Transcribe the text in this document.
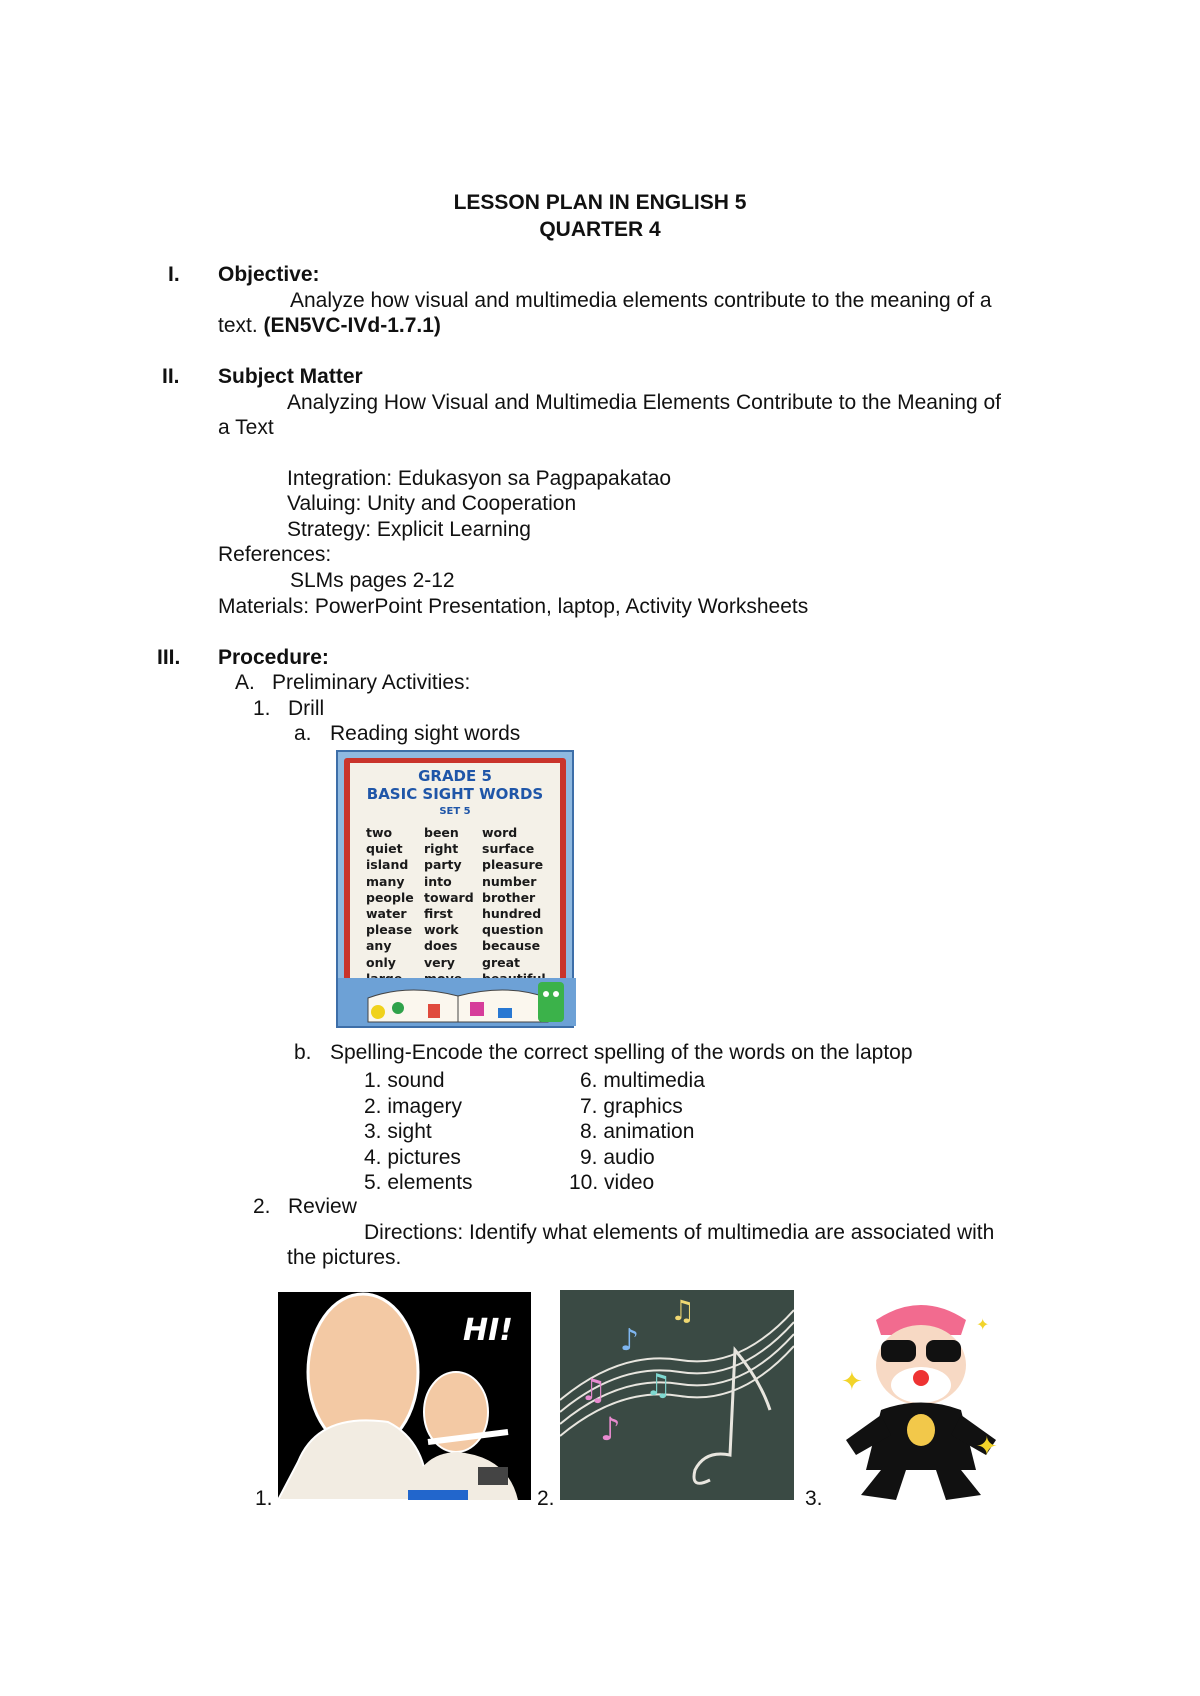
LESSON PLAN IN ENGLISH 5
QUARTER 4
I. Objective:
Analyze how visual and multimedia elements contribute to the meaning of a
text. (EN5VC-IVd-1.7.1)
II. Subject Matter
Analyzing How Visual and Multimedia Elements Contribute to the Meaning of
a Text
Integration: Edukasyon sa Pagpapakatao
Valuing: Unity and Cooperation
Strategy: Explicit Learning
References:
SLMs pages 2-12
Materials: PowerPoint Presentation, laptop, Activity Worksheets
III. Procedure:
A. Preliminary Activities:
1. Drill
a. Reading sight words
GRADE 5
BASIC SIGHT WORDS
SET 5
two
quiet
island
many
people
water
please
any
only
been
right
party
into
toward
first
work
does
very
word
surface
pleasure
number
brother
hundred
question
because
great
b. Spelling-Encode the correct spelling of the words on the laptop
1. sound
2. imagery
3. sight
4. pictures
5. elements
6. multimedia
7. graphics
8. animation
9. audio
10. video
2. Review
Directions: Identify what elements of multimedia are associated with
the pictures.
1.
HI!
2.
♫
♪
♫
♫
♪
3.
✦
✦
✦
